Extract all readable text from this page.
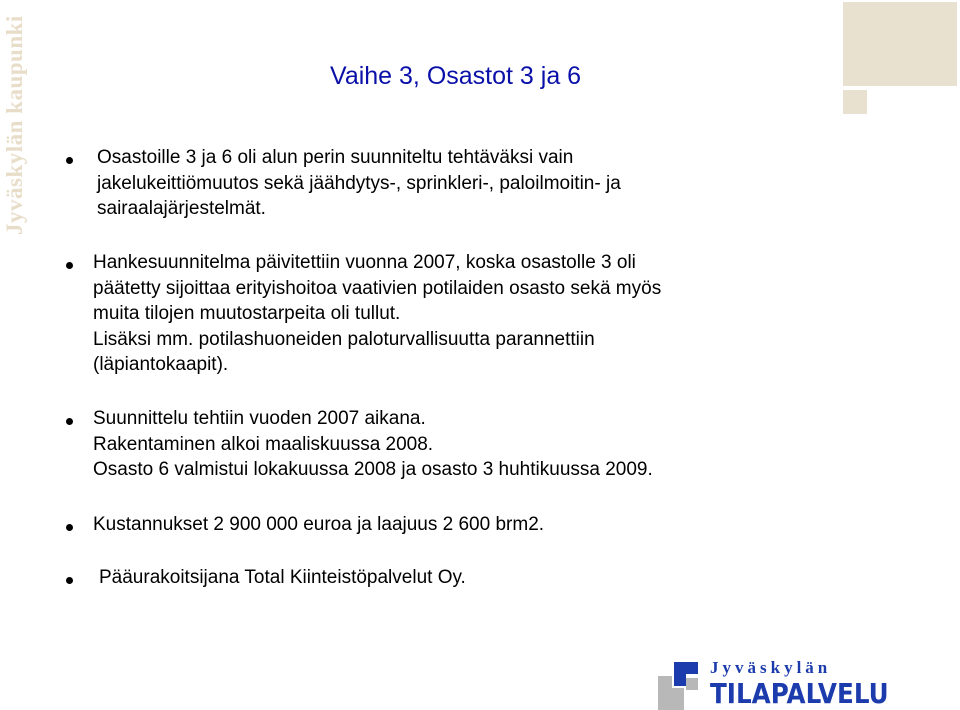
Jyväskylän kaupunki	Vaihe 3, Osastot 3 ja 6
Osastoille 3 ja 6 oli alun perin suunniteltu tehtäväksi vain
jakelukeittiömuutos sekä jäähdytys-, sprinkleri-, paloilmoitin- ja
sairaalajärjestelmät.
Hankesuunnitelma päivitettiin vuonna 2007, koska osastolle 3 oli
päätetty sijoittaa erityishoitoa vaativien potilaiden osasto sekä myös
muita tilojen muutostarpeita oli tullut.
Lisäksi mm. potilashuoneiden paloturvallisuutta parannettiin
(läpiantokaapit).
Suunnittelu tehtiin vuoden 2007 aikana.
Rakentaminen alkoi maaliskuussa 2008.
Osasto 6 valmistui lokakuussa 2008 ja osasto 3 huhtikuussa 2009.
Kustannukset 2 900 000 euroa ja laajuus 2 600 brm2.
Pääurakoitsijana Total Kiinteistöpalvelut Oy.
Jyväskylän
TILAPALVELU
